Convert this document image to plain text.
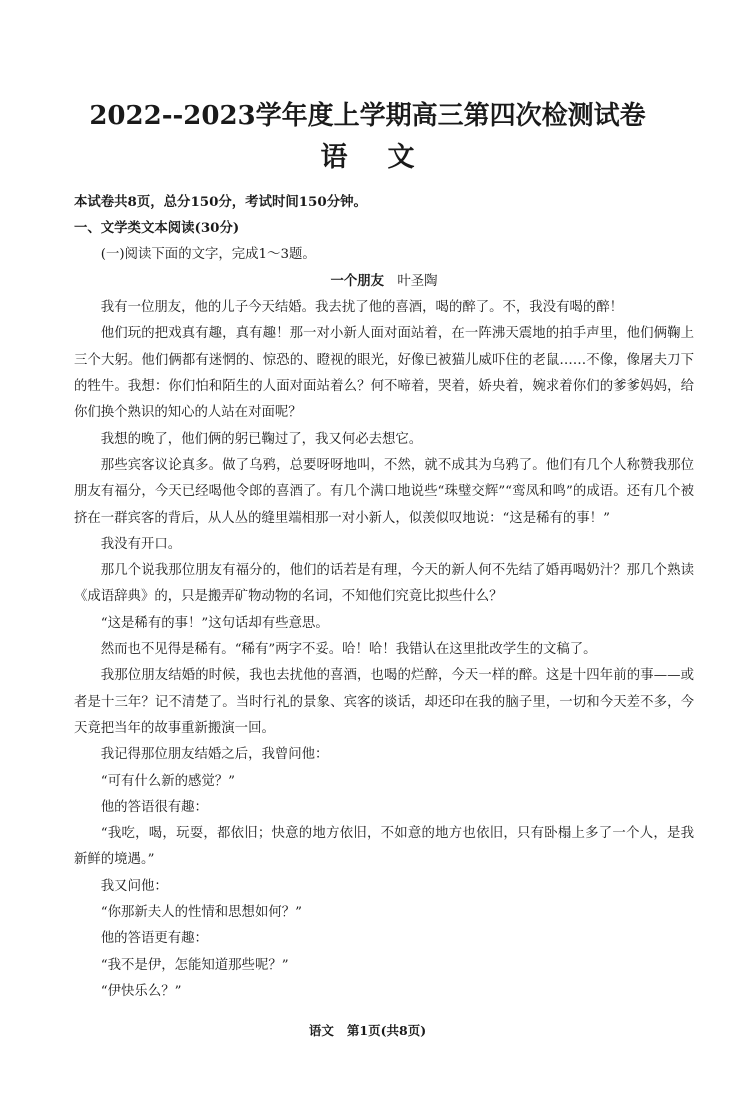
2022--2023学年度上学期高三第四次检测试卷
语 文

本试卷共8页，总分150分，考试时间150分钟。

一、文学类文本阅读(30分)

(一)阅读下面的文字，完成1～3题。

一个朋友 叶圣陶

我有一位朋友，他的儿子今天结婚。我去扰了他的喜酒，喝的醉了。不，我没有喝的醉！

他们玩的把戏真有趣，真有趣！那一对小新人面对面站着，在一阵沸天震地的拍手声里，他们俩鞠上三个大躬。他们俩都有迷惘的、惊恐的、瞪视的眼光，好像已被猫儿威吓住的老鼠……不像，像屠夫刀下的牲牛。我想：你们怕和陌生的人面对面站着么？何不啼着，哭着，娇央着，婉求着你们的爹爹妈妈，给你们换个熟识的知心的人站在对面呢？

我想的晚了，他们俩的躬已鞠过了，我又何必去想它。

那些宾客议论真多。做了乌鸦，总要呀呀地叫，不然，就不成其为乌鸦了。他们有几个人称赞我那位朋友有福分，今天已经喝他令郎的喜酒了。有几个满口地说些“珠璧交辉”“鸾凤和鸣”的成语。还有几个被挤在一群宾客的背后，从人丛的缝里端相那一对小新人，似羡似叹地说：“这是稀有的事！”

我没有开口。

那几个说我那位朋友有福分的，他们的话若是有理，今天的新人何不先结了婚再喝奶汁？那几个熟读《成语辞典》的，只是搬弄矿物动物的名词，不知他们究竟比拟些什么？

“这是稀有的事！”这句话却有些意思。

然而也不见得是稀有。“稀有”两字不妥。哈！哈！我错认在这里批改学生的文稿了。

我那位朋友结婚的时候，我也去扰他的喜酒，也喝的烂醉，今天一样的醉。这是十四年前的事——或者是十三年？记不清楚了。当时行礼的景象、宾客的谈话，却还印在我的脑子里，一切和今天差不多，今天竟把当年的故事重新搬演一回。

我记得那位朋友结婚之后，我曾问他：

“可有什么新的感觉？”

他的答语很有趣：

“我吃，喝，玩耍，都依旧；快意的地方依旧，不如意的地方也依旧，只有卧榻上多了一个人，是我新鲜的境遇。”

我又问他：

“你那新夫人的性情和思想如何？”

他的答语更有趣：

“我不是伊，怎能知道那些呢？”

“伊快乐么？”

语文 第1页(共8页)
